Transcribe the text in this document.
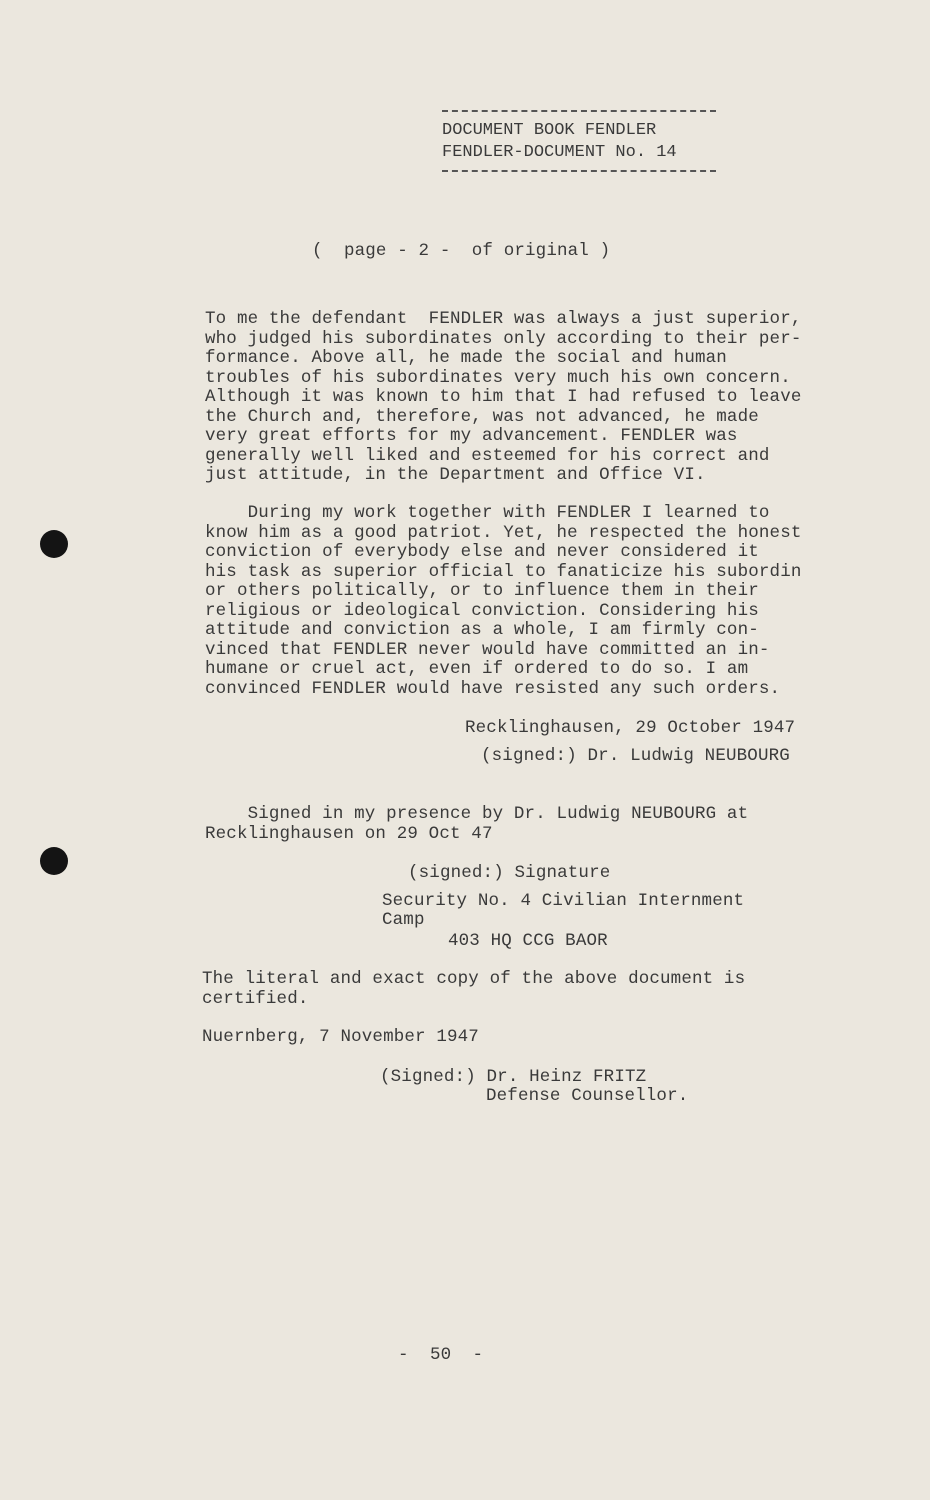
DOCUMENT BOOK FENDLER
FENDLER-DOCUMENT No. 14
(  page - 2 -  of original )
To me the defendant  FENDLER was always a just superior,
who judged his subordinates only according to their per-
formance. Above all, he made the social and human
troubles of his subordinates very much his own concern.
Although it was known to him that I had refused to leave
the Church and, therefore, was not advanced, he made
very great efforts for my advancement. FENDLER was
generally well liked and esteemed for his correct and
just attitude, in the Department and Office VI.
During my work together with FENDLER I learned to
know him as a good patriot. Yet, he respected the honest
conviction of everybody else and never considered it
his task as superior official to fanaticize his subordin
or others politically, or to influence them in their
religious or ideological conviction. Considering his
attitude and conviction as a whole, I am firmly con-
vinced that FENDLER never would have committed an in-
humane or cruel act, even if ordered to do so. I am
convinced FENDLER would have resisted any such orders.
Recklinghausen, 29 October 1947
(signed:) Dr. Ludwig NEUBOURG
Signed in my presence by Dr. Ludwig NEUBOURG at
Recklinghausen on 29 Oct 47
(signed:) Signature
Security No. 4 Civilian Internment
Camp
403 HQ CCG BAOR
The literal and exact copy of the above document is
certified.
Nuernberg, 7 November 1947
(Signed:) Dr. Heinz FRITZ
Defense Counsellor.
-  50  -
